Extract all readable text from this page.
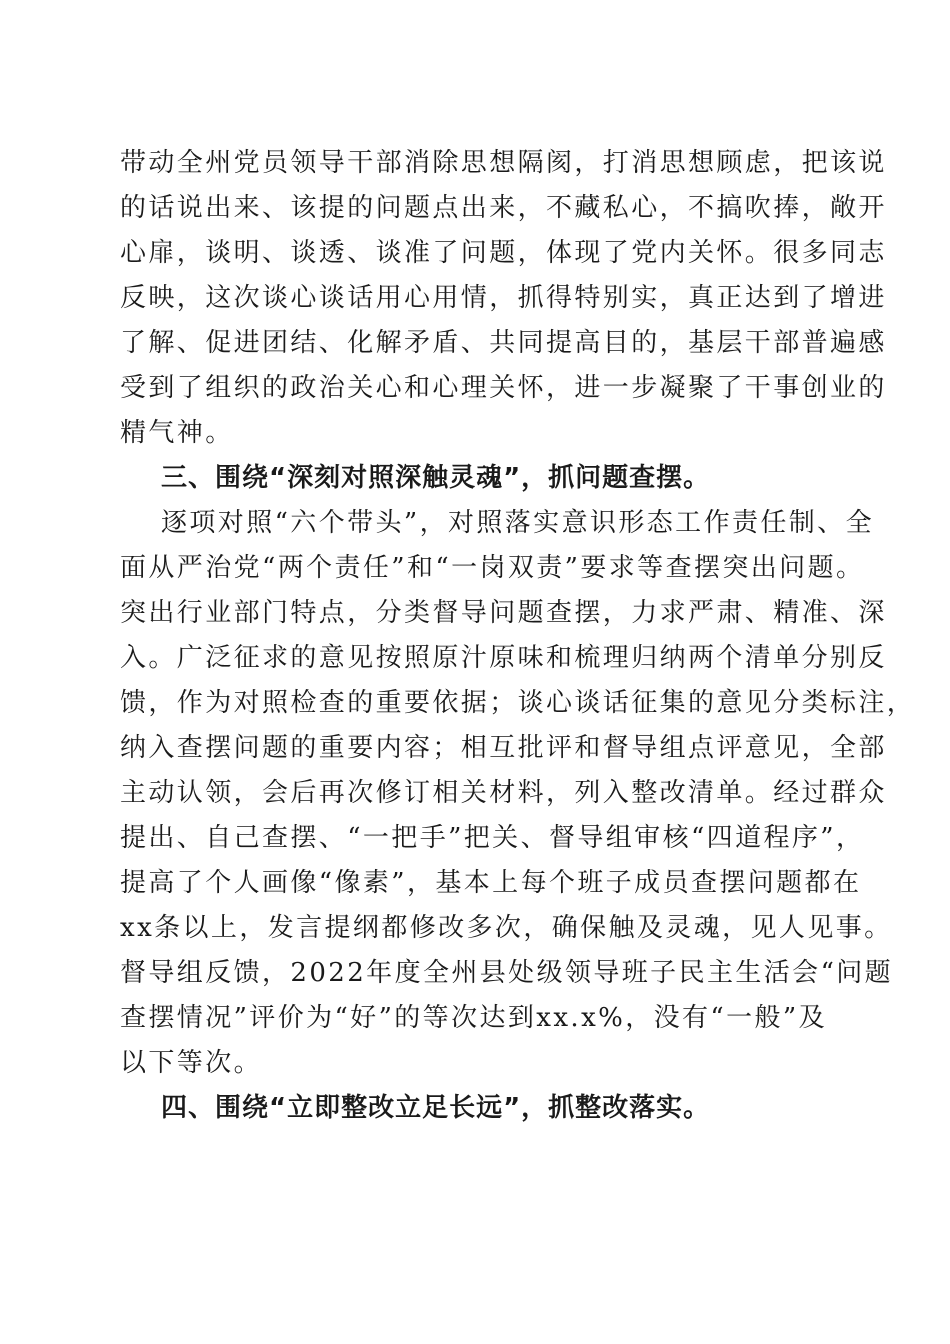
带动全州党员领导干部消除思想隔阂，打消思想顾虑，把该说
的话说出来、该提的问题点出来，不藏私心，不搞吹捧，敞开
心扉，谈明、谈透、谈准了问题，体现了党内关怀。很多同志
反映，这次谈心谈话用心用情，抓得特别实，真正达到了增进
了解、促进团结、化解矛盾、共同提高目的，基层干部普遍感
受到了组织的政治关心和心理关怀，进一步凝聚了干事创业的
精气神。
三、围绕“深刻对照深触灵魂”，抓问题查摆。
逐项对照“六个带头”，对照落实意识形态工作责任制、全
面从严治党“两个责任”和“一岗双责”要求等查摆突出问题。
突出行业部门特点，分类督导问题查摆，力求严肃、精准、深
入。广泛征求的意见按照原汁原味和梳理归纳两个清单分别反
馈，作为对照检查的重要依据；谈心谈话征集的意见分类标注，
纳入查摆问题的重要内容；相互批评和督导组点评意见，全部
主动认领，会后再次修订相关材料，列入整改清单。经过群众
提出、自己查摆、“一把手”把关、督导组审核“四道程序”，
提高了个人画像“像素”，基本上每个班子成员查摆问题都在
xx条以上，发言提纲都修改多次，确保触及灵魂，见人见事。
督导组反馈，2022年度全州县处级领导班子民主生活会“问题
查摆情况”评价为“好”的等次达到xx.x%，没有“一般”及
以下等次。
四、围绕“立即整改立足长远”，抓整改落实。
